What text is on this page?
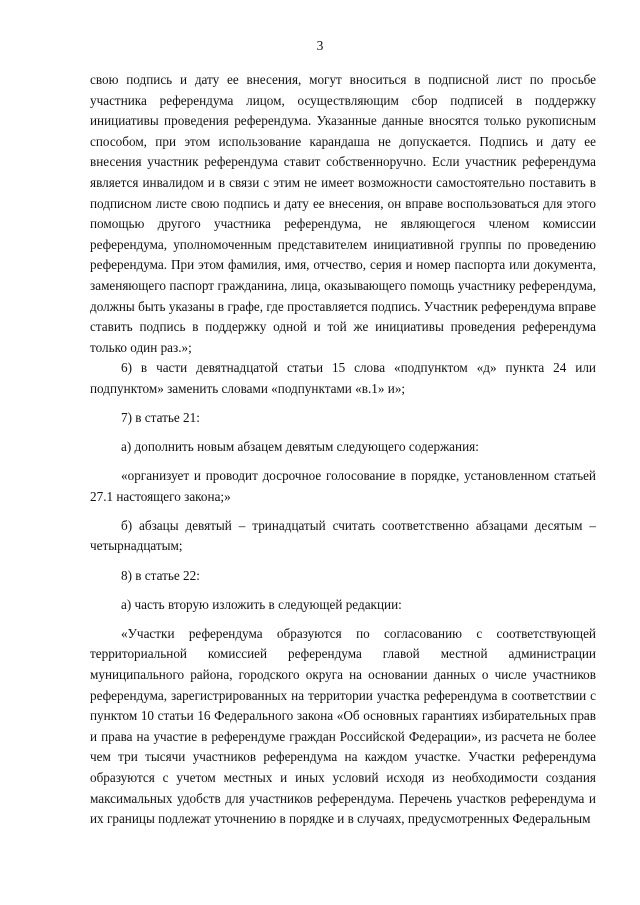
3

свою подпись и дату ее внесения, могут вноситься в подписной лист по просьбе участника референдума лицом, осуществляющим сбор подписей в поддержку инициативы проведения референдума. Указанные данные вносятся только рукописным способом, при этом использование карандаша не допускается. Подпись и дату ее внесения участник референдума ставит собственноручно. Если участник референдума является инвалидом и в связи с этим не имеет возможности самостоятельно поставить в подписном листе свою подпись и дату ее внесения, он вправе воспользоваться для этого помощью другого участника референдума, не являющегося членом комиссии референдума, уполномоченным представителем инициативной группы по проведению референдума. При этом фамилия, имя, отчество, серия и номер паспорта или документа, заменяющего паспорт гражданина, лица, оказывающего помощь участнику референдума, должны быть указаны в графе, где проставляется подпись. Участник референдума вправе ставить подпись в поддержку одной и той же инициативы проведения референдума только один раз.»;

6) в части девятнадцатой статьи 15 слова «подпунктом «д» пункта 24 или подпунктом» заменить словами «подпунктами «в.1» и»;

7) в статье 21:

а) дополнить новым абзацем девятым следующего содержания:

«организует и проводит досрочное голосование в порядке, установленном статьей 27.1 настоящего закона;»

б) абзацы девятый – тринадцатый считать соответственно абзацами десятым – четырнадцатым;

8) в статье 22:

а) часть вторую изложить в следующей редакции:

«Участки референдума образуются по согласованию с соответствующей территориальной комиссией референдума главой местной администрации муниципального района, городского округа на основании данных о числе участников референдума, зарегистрированных на территории участка референдума в соответствии с пунктом 10 статьи 16 Федерального закона «Об основных гарантиях избирательных прав и права на участие в референдуме граждан Российской Федерации», из расчета не более чем три тысячи участников референдума на каждом участке. Участки референдума образуются с учетом местных и иных условий исходя из необходимости создания максимальных удобств для участников референдума. Перечень участков референдума и их границы подлежат уточнению в порядке и в случаях, предусмотренных Федеральным
